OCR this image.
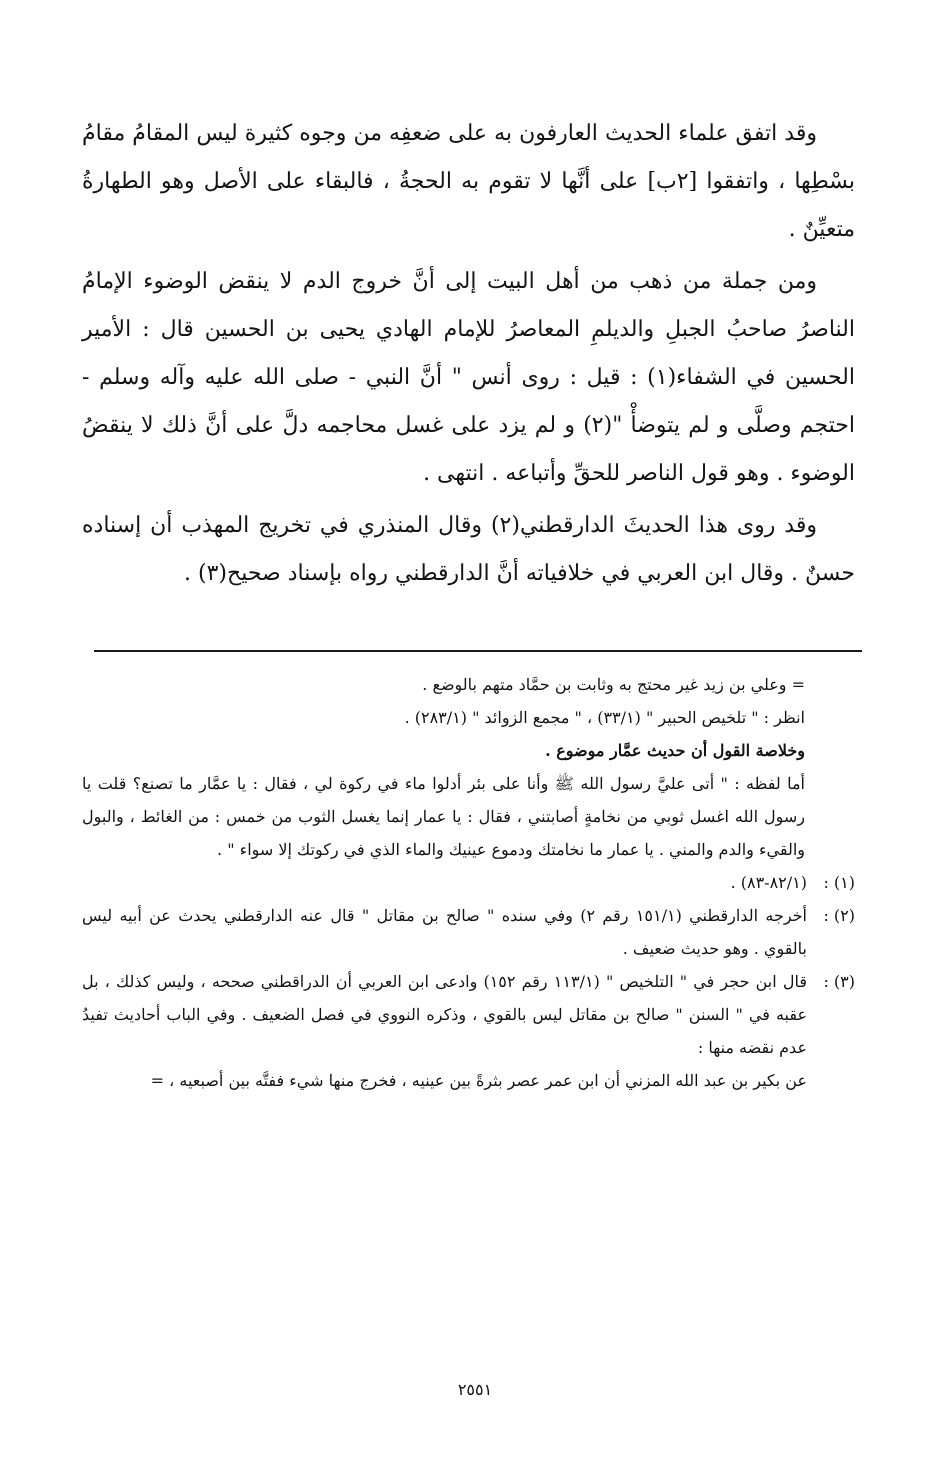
وقد اتفق علماء الحديث العارفون به على ضعفِه من وجوه كثيرة ليس المقامُ مقامُ بسْطِها ، واتفقوا [٢ب] على أنَّها لا تقوم به الحجةُ ، فالبقاء على الأصل وهو الطهارةُ متعيِّنٌ .

ومن جملة من ذهب من أهل البيت إلى أنَّ خروج الدم لا ينقض الوضوء الإمامُ الناصرُ صاحبُ الجبلِ والديلمِ المعاصرُ للإمام الهادي يحيى بن الحسين قال : الأمير الحسين في الشفاء(١) : قيل : روى أنس " أنَّ النبي - صلى الله عليه وآله وسلم - احتجم وصلَّى و لم يتوضأْ "(٢) و لم يزد على غسل محاجمه دلَّ على أنَّ ذلك لا ينقضُ الوضوء . وهو قول الناصر للحقِّ وأتباعه . انتهى .

وقد روى هذا الحديثَ الدارقطني(٢) وقال المنذري في تخريج المهذب أن إسناده حسنٌ . وقال ابن العربي في خلافياته أنَّ الدارقطني رواه بإسناد صحيح(٣) .

= وعلي بن زيد غير محتج به وثابت بن حمَّاد متهم بالوضع .

انظر : " تلخيص الحبير " (٣٣/١) ، " مجمع الزوائد " (٢٨٣/١) .

وخلاصة القول أن حديث عمَّار موضوع .

أما لفظه : " أتى عليَّ رسول الله ﷺ وأنا على بئر أدلوا ماء في ركوة لي ، فقال : يا عمَّار ما تصنع؟ قلت يا رسول الله اغسل ثوبي من نخامةٍ أصابتني ، فقال : يا عمار إنما يغسل الثوب من خمس : من الغائط ، والبول والقيء والدم والمني . يا عمار ما نخامتك ودموع عينيك والماء الذي في ركوتك إلا سواء " .

(١) :

(٨٢/١-٨٣) .

(٢) :

أخرجه الدارقطني (١٥١/١ رقم ٢) وفي سنده " صالح بن مقاتل " قال عنه الدارقطني يحدث عن أبيه ليس بالقوي . وهو حديث ضعيف .

(٣) :

قال ابن حجر في " التلخيص " (١١٣/١ رقم ١٥٢) وادعى ابن العربي أن الدراقطني صححه ، وليس كذلك ، بل عقبه في " السنن " صالح بن مقاتل ليس بالقوي ، وذكره النووي في فصل الضعيف . وفي الباب أحاديث تفيدُ عدم نقضه منها :

عن بكير بن عبد الله المزني أن ابن عمر عصر بثرةً بين عينيه ، فخرج منها شيء ففتَّه بين أصبعيه ، =

٢٥٥١
